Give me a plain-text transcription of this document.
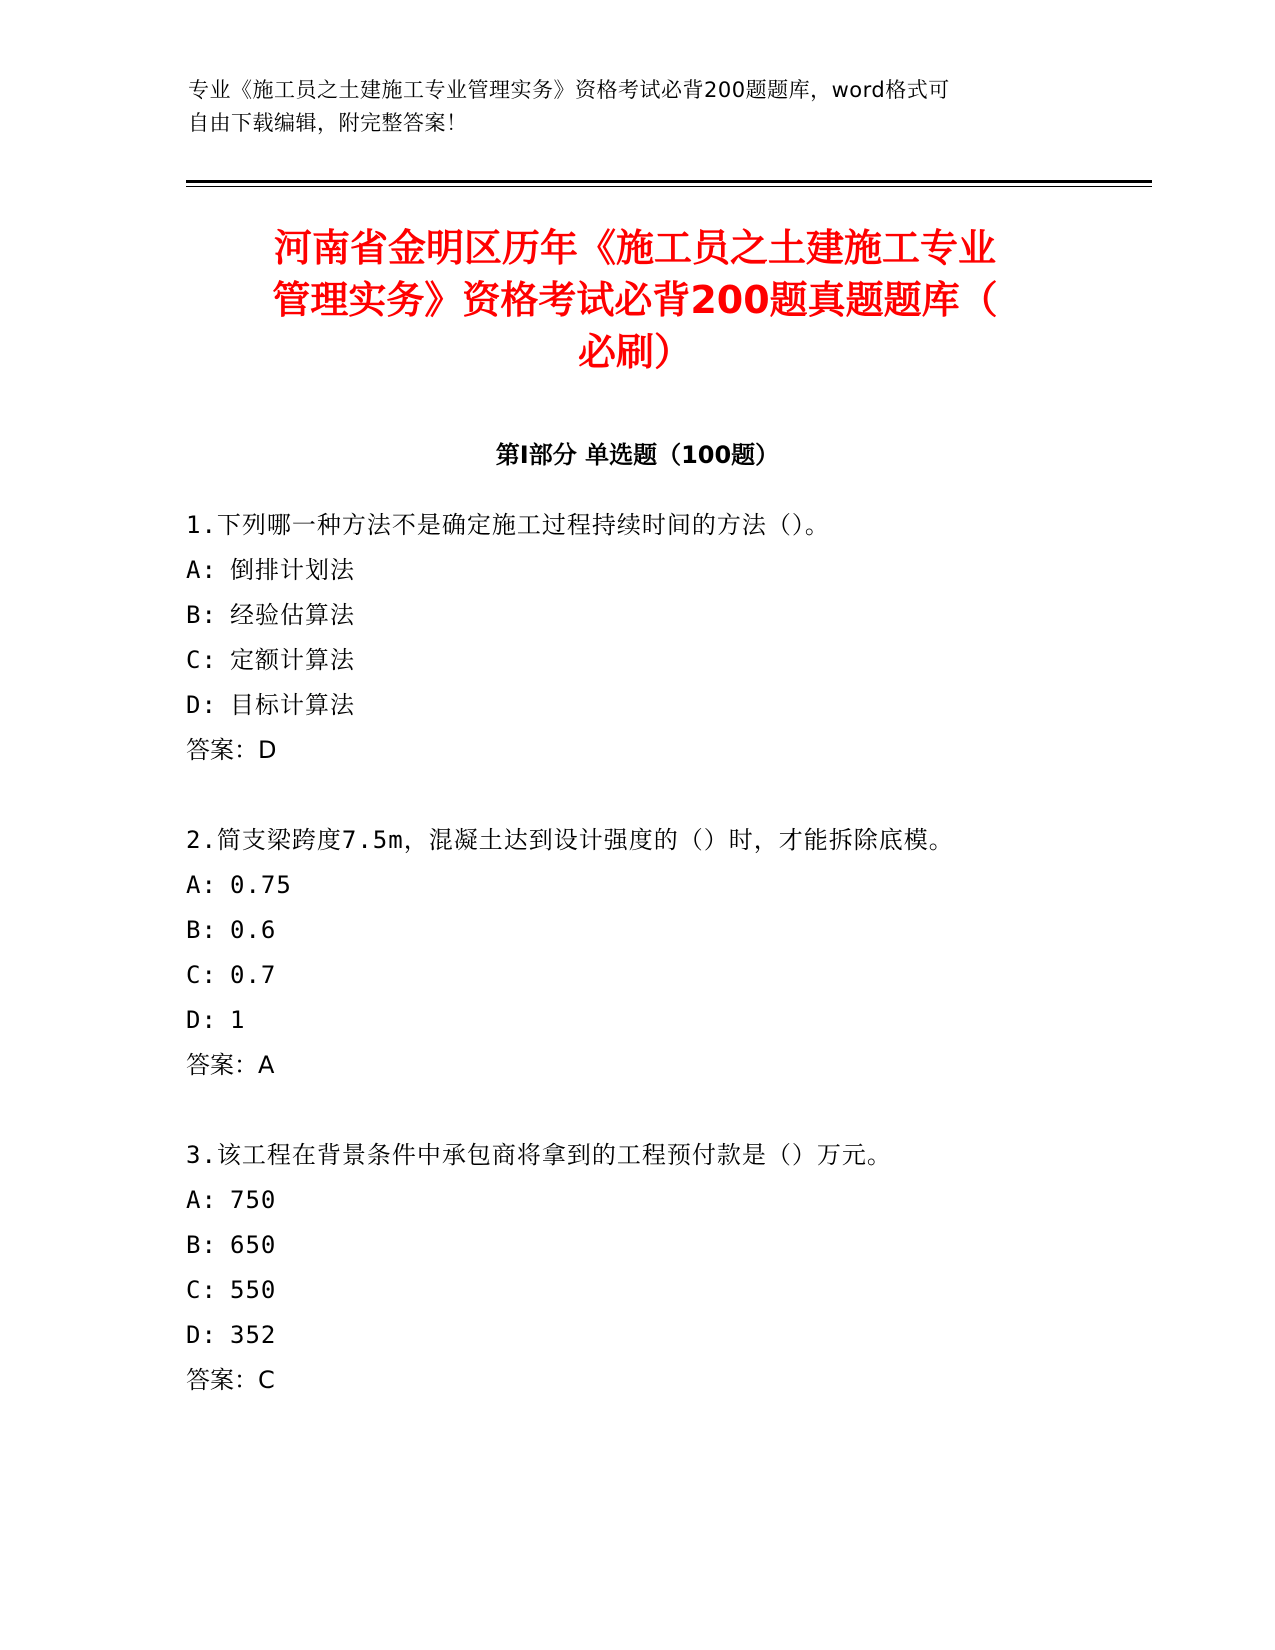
专业《施工员之土建施工专业管理实务》资格考试必背200题题库，word格式可
自由下载编辑，附完整答案！
河南省金明区历年《施工员之土建施工专业
管理实务》资格考试必背200题真题题库（
必刷）
第Ⅰ部分 单选题（100题）
1.下列哪一种方法不是确定施工过程持续时间的方法（）。
A: 倒排计划法
B: 经验估算法
C: 定额计算法
D: 目标计算法
答案：D
2.简支梁跨度7.5m，混凝土达到设计强度的（）时，才能拆除底模。
A: 0.75
B: 0.6
C: 0.7
D: 1
答案：A
3.该工程在背景条件中承包商将拿到的工程预付款是（）万元。
A: 750
B: 650
C: 550
D: 352
答案：C
